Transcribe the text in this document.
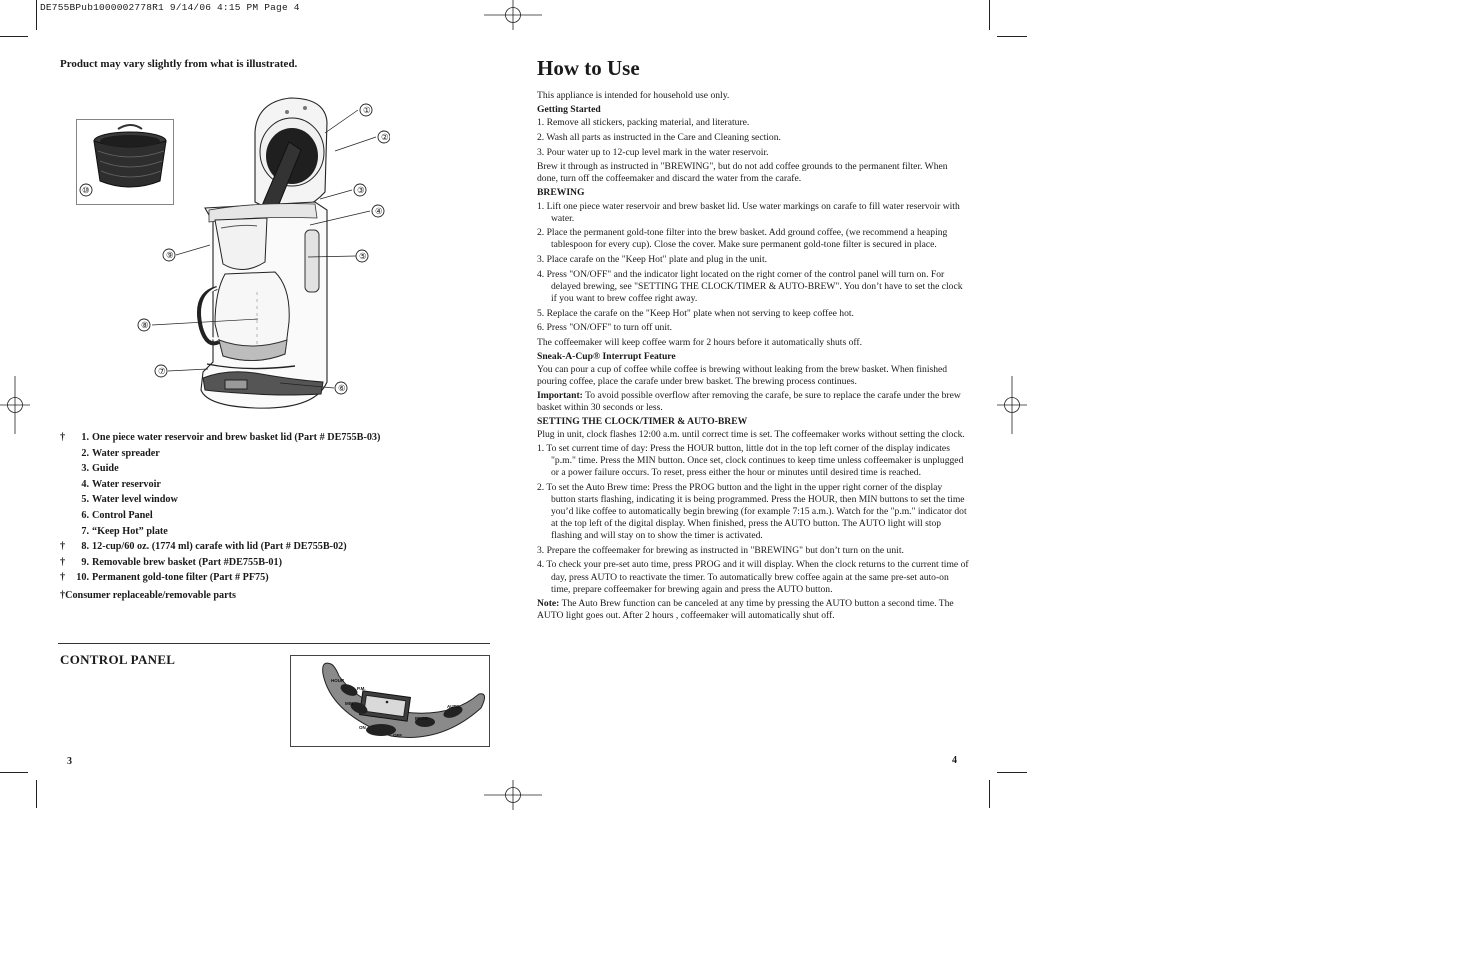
DE755BPub1000002778R1 9/14/06 4:15 PM Page 4
Product may vary slightly from what is illustrated.
①
②
③
④
⑤
⑥
⑦
⑧
⑨
⑩
†	1. One piece water reservoir and brew basket lid (Part # DE755B-03)
2. Water spreader
3. Guide
4. Water reservoir
5. Water level window
6. Control Panel
7. “Keep Hot” plate
†	8. 12-cup/60 oz. (1774 ml) carafe with lid (Part # DE755B-02)
†	9. Removable brew basket (Part #DE755B-01)
†	10. Permanent gold-tone filter (Part # PF75)
†Consumer replaceable/removable parts
CONTROL PANEL
HOUR
P.M.
MIN
ON
OFF
PROG
AUTO
3
How to Use

This appliance is intended for household use only.

Getting Started

1. Remove all stickers, packing material, and literature.
2. Wash all parts as instructed in the Care and Cleaning section.
3. Pour water up to 12-cup level mark in the water reservoir.

Brew it through as instructed in "BREWING", but do not add coffee grounds to the permanent filter. When done, turn off the coffeemaker and discard the water from the carafe.

BREWING

1. Lift one piece water reservoir and brew basket lid. Use water markings on carafe to fill water reservoir with water.
2. Place the permanent gold-tone filter into the brew basket. Add ground coffee, (we recommend a heaping tablespoon for every cup). Close the cover. Make sure permanent gold-tone filter is secured in place.
3. Place carafe on the "Keep Hot" plate and plug in the unit.
4. Press "ON/OFF" and the indicator light located on the right corner of the control panel will turn on. For delayed brewing, see "SETTING THE CLOCK/TIMER & AUTO-BREW". You don’t have to set the clock if you want to brew coffee right away.
5. Replace the carafe on the "Keep Hot" plate when not serving to keep coffee hot.
6. Press "ON/OFF" to turn off unit.

The coffeemaker will keep coffee warm for 2 hours before it automatically shuts off.

Sneak-A-Cup® Interrupt Feature

You can pour a cup of coffee while coffee is brewing without leaking from the brew basket. When finished pouring coffee, place the carafe under brew basket. The brewing process continues.

Important: To avoid possible overflow after removing the carafe, be sure to replace the carafe under the brew basket within 30 seconds or less.

SETTING THE CLOCK/TIMER & AUTO-BREW

Plug in unit, clock flashes 12:00 a.m. until correct time is set. The coffeemaker works without setting the clock.

1. To set current time of day: Press the HOUR button, little dot in the top left corner of the display indicates "p.m." time. Press the MIN button. Once set, clock continues to keep time unless coffeemaker is unplugged or a power failure occurs. To reset, press either the hour or minutes until desired time is reached.
2. To set the Auto Brew time: Press the PROG button and the light in the upper right corner of the display button starts flashing, indicating it is being programmed. Press the HOUR, then MIN buttons to set the time you’d like coffee to automatically begin brewing (for example 7:15 a.m.). Watch for the "p.m." indicator dot at the top left of the digital display. When finished, press the AUTO button. The AUTO light will stop flashing and will stay on to show the timer is activated.
3. Prepare the coffeemaker for brewing as instructed in "BREWING" but don’t turn on the unit.
4. To check your pre-set auto time, press PROG and it will display. When the clock returns to the current time of day, press AUTO to reactivate the timer. To automatically brew coffee again at the same pre-set auto-on time, prepare coffeemaker for brewing again and press the AUTO button.

Note: The Auto Brew function can be canceled at any time by pressing the AUTO button a second time. The AUTO light goes out. After 2 hours , coffeemaker will automatically shut off.

4
